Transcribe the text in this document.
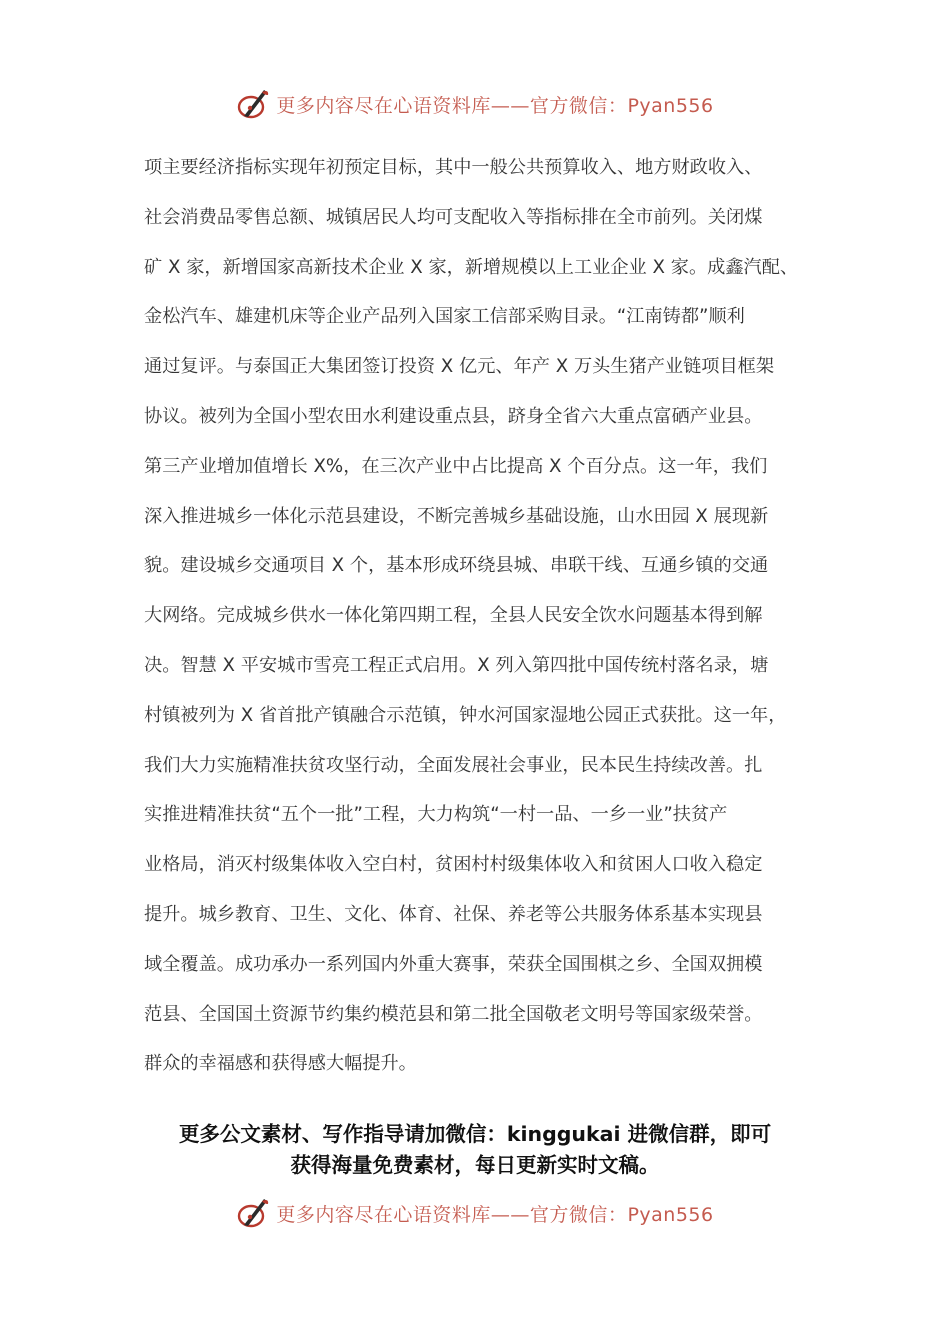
更多内容尽在心语资料库——官方微信：Pyan556
项主要经济指标实现年初预定目标，其中一般公共预算收入、地方财政收入、
社会消费品零售总额、城镇居民人均可支配收入等指标排在全市前列。关闭煤
矿 X 家，新增国家高新技术企业 X 家，新增规模以上工业企业 X 家。成鑫汽配、
金松汽车、雄建机床等企业产品列入国家工信部采购目录。“江南铸都”顺利
通过复评。与泰国正大集团签订投资 X 亿元、年产 X 万头生猪产业链项目框架
协议。被列为全国小型农田水利建设重点县，跻身全省六大重点富硒产业县。
第三产业增加值增长 X%，在三次产业中占比提高 X 个百分点。这一年，我们
深入推进城乡一体化示范县建设，不断完善城乡基础设施，山水田园 X 展现新
貌。建设城乡交通项目 X 个，基本形成环绕县城、串联干线、互通乡镇的交通
大网络。完成城乡供水一体化第四期工程，全县人民安全饮水问题基本得到解
决。智慧 X 平安城市雪亮工程正式启用。X 列入第四批中国传统村落名录，塘
村镇被列为 X 省首批产镇融合示范镇，钟水河国家湿地公园正式获批。这一年，
我们大力实施精准扶贫攻坚行动，全面发展社会事业，民本民生持续改善。扎
实推进精准扶贫“五个一批”工程，大力构筑“一村一品、一乡一业”扶贫产
业格局，消灭村级集体收入空白村，贫困村村级集体收入和贫困人口收入稳定
提升。城乡教育、卫生、文化、体育、社保、养老等公共服务体系基本实现县
域全覆盖。成功承办一系列国内外重大赛事，荣获全国围棋之乡、全国双拥模
范县、全国国土资源节约集约模范县和第二批全国敬老文明号等国家级荣誉。
群众的幸福感和获得感大幅提升。
更多公文素材、写作指导请加微信：kinggukai 进微信群，即可
获得海量免费素材，每日更新实时文稿。
更多内容尽在心语资料库——官方微信：Pyan556
